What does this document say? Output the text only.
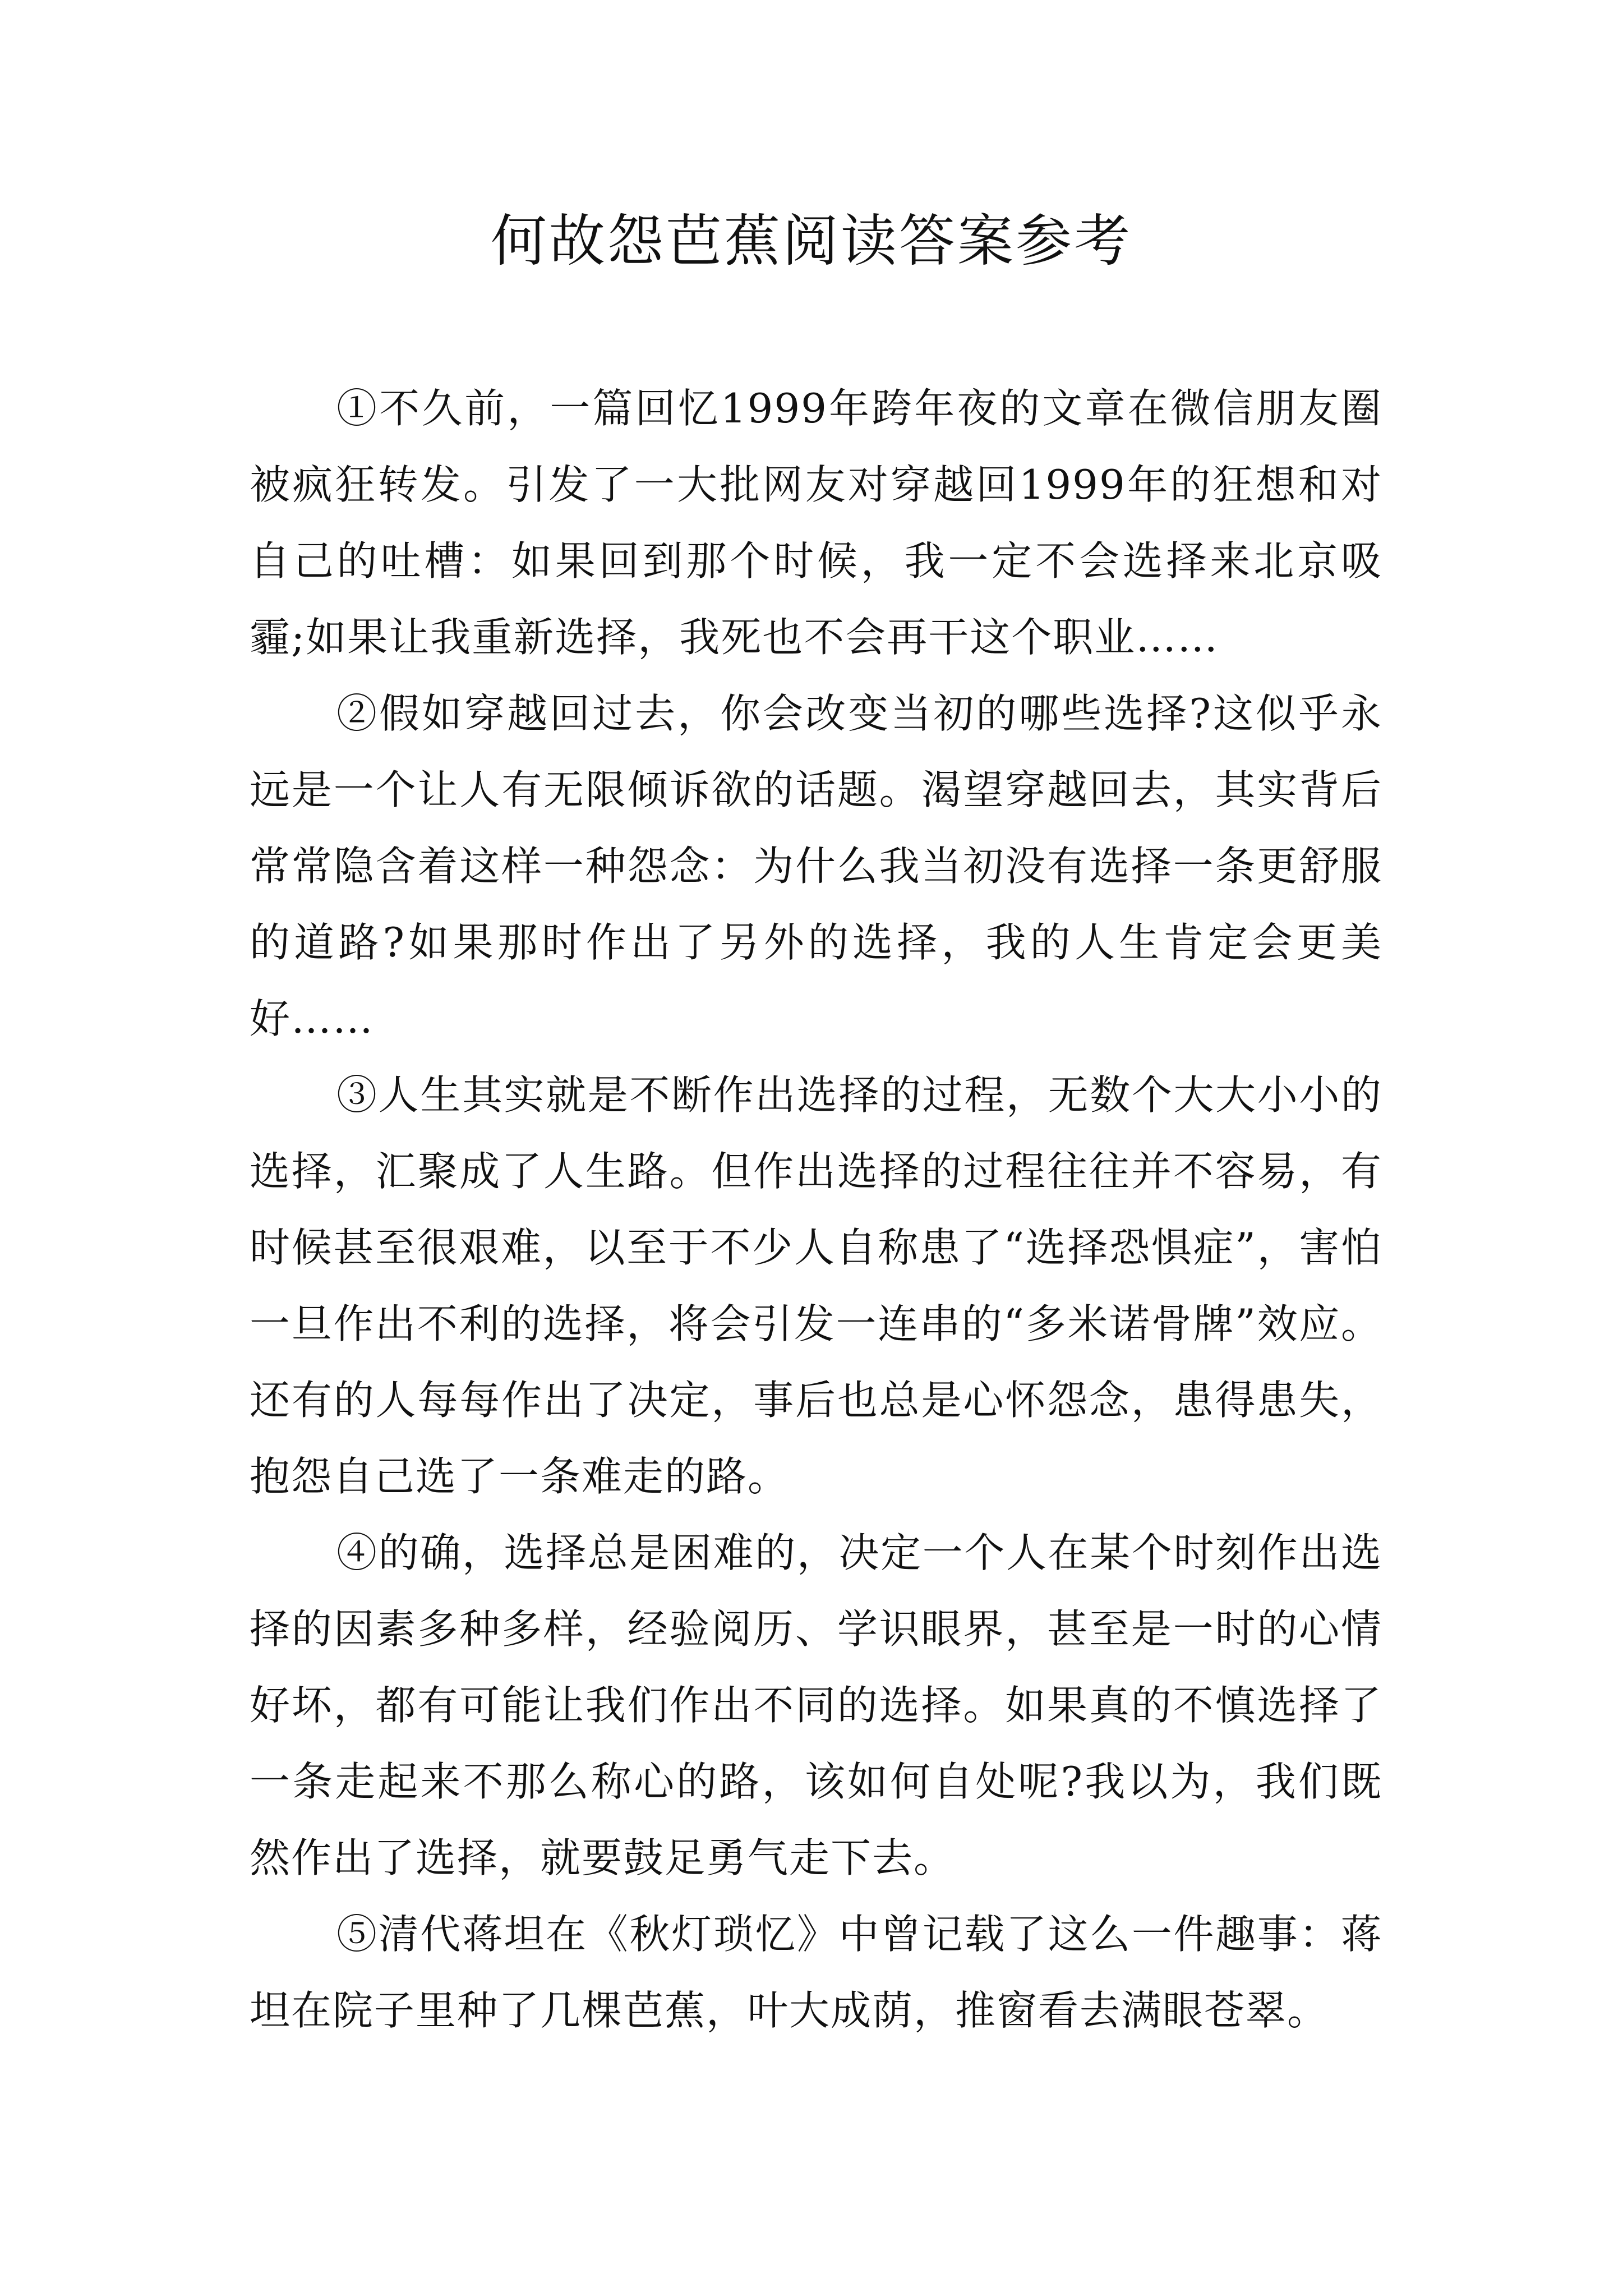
何故怨芭蕉阅读答案参考

①不久前，一篇回忆1999年跨年夜的文章在微信朋友圈被疯狂转发。引发了一大批网友对穿越回1999年的狂想和对自己的吐槽：如果回到那个时候，我一定不会选择来北京吸霾;如果让我重新选择，我死也不会再干这个职业……

②假如穿越回过去，你会改变当初的哪些选择?这似乎永远是一个让人有无限倾诉欲的话题。渴望穿越回去，其实背后常常隐含着这样一种怨念：为什么我当初没有选择一条更舒服的道路?如果那时作出了另外的选择，我的人生肯定会更美好……

③人生其实就是不断作出选择的过程，无数个大大小小的选择，汇聚成了人生路。但作出选择的过程往往并不容易，有时候甚至很艰难，以至于不少人自称患了“选择恐惧症”，害怕一旦作出不利的选择，将会引发一连串的“多米诺骨牌”效应。还有的人每每作出了决定，事后也总是心怀怨念，患得患失，抱怨自己选了一条难走的路。

④的确，选择总是困难的，决定一个人在某个时刻作出选择的因素多种多样，经验阅历、学识眼界，甚至是一时的心情好坏，都有可能让我们作出不同的选择。如果真的不慎选择了一条走起来不那么称心的路，该如何自处呢?我以为，我们既然作出了选择，就要鼓足勇气走下去。

⑤清代蒋坦在《秋灯琐忆》中曾记载了这么一件趣事：蒋坦在院子里种了几棵芭蕉，叶大成荫，推窗看去满眼苍翠。
